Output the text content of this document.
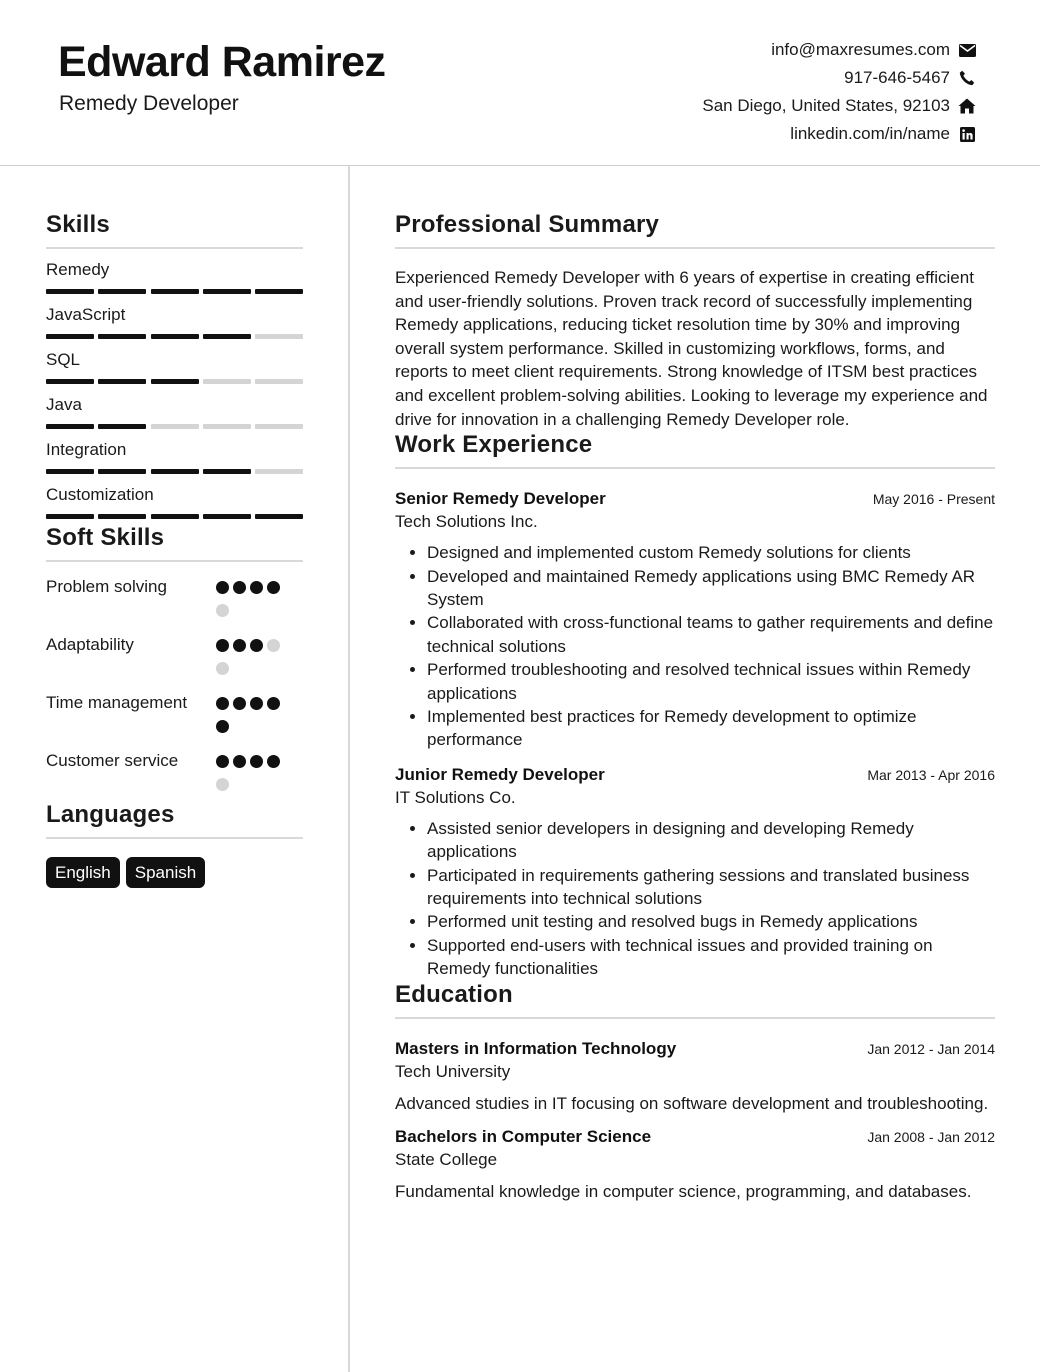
Edward Ramirez
Remedy Developer
info@maxresumes.com
917-646-5467
San Diego, United States, 92103
linkedin.com/in/name
Skills
Remedy
JavaScript
SQL
Java
Integration
Customization
Soft Skills
Problem solving
Adaptability
Time management
Customer service
Languages
English	Spanish
Professional Summary

Experienced Remedy Developer with 6 years of expertise in creating efficient and user-friendly solutions. Proven track record of successfully implementing Remedy applications, reducing ticket resolution time by 30% and improving overall system performance. Skilled in customizing workflows, forms, and reports to meet client requirements. Strong knowledge of ITSM best practices and excellent problem-solving abilities. Looking to leverage my experience and drive for innovation in a challenging Remedy Developer role.

Work Experience
Senior Remedy Developer	May 2016 - Present
Tech Solutions Inc.
• Designed and implemented custom Remedy solutions for clients
• Developed and maintained Remedy applications using BMC Remedy AR System
• Collaborated with cross-functional teams to gather requirements and define technical solutions
• Performed troubleshooting and resolved technical issues within Remedy applications
• Implemented best practices for Remedy development to optimize performance
Junior Remedy Developer	Mar 2013 - Apr 2016
IT Solutions Co.
• Assisted senior developers in designing and developing Remedy applications
• Participated in requirements gathering sessions and translated business requirements into technical solutions
• Performed unit testing and resolved bugs in Remedy applications
• Supported end-users with technical issues and provided training on Remedy functionalities
Education
Masters in Information Technology	Jan 2012 - Jan 2014
Tech University
Advanced studies in IT focusing on software development and troubleshooting.
Bachelors in Computer Science	Jan 2008 - Jan 2012
State College
Fundamental knowledge in computer science, programming, and databases.
